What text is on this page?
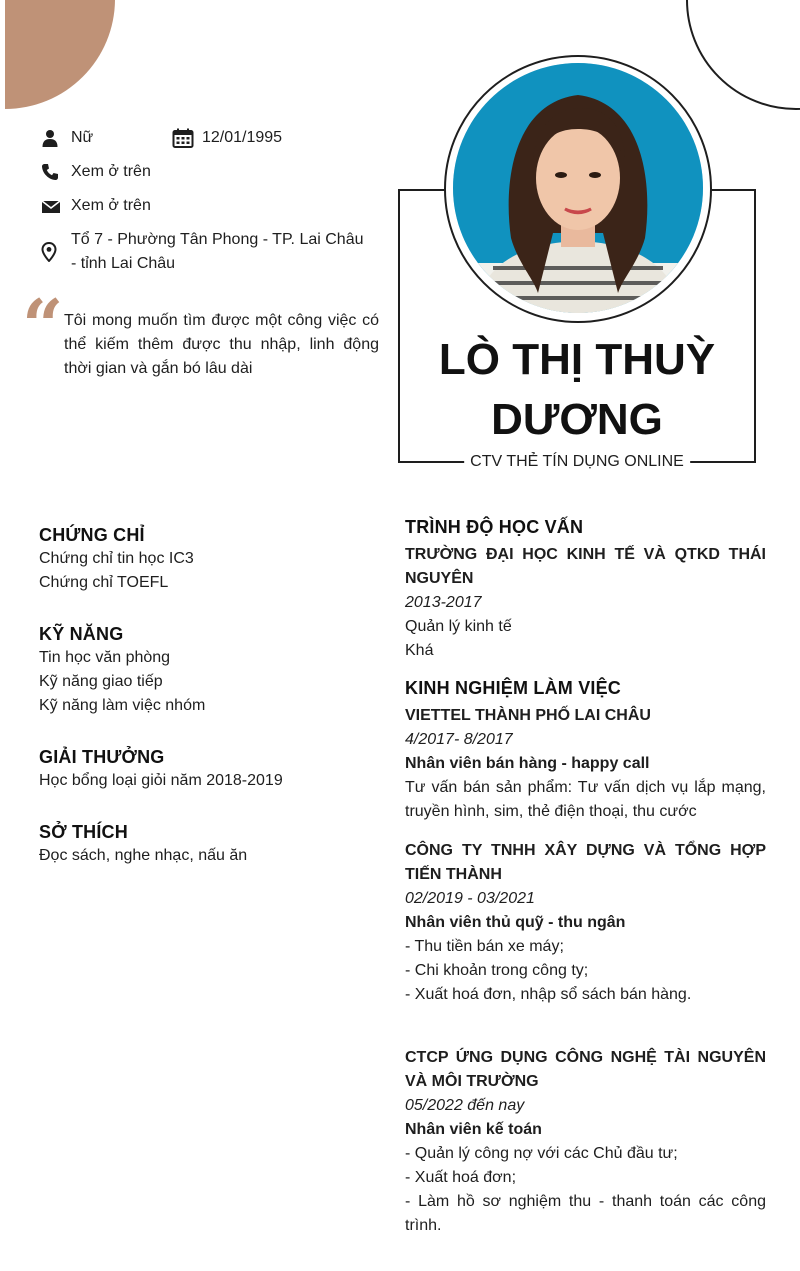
Nữ	12/01/1995
Xem ở trên
Xem ở trên
Tổ 7 - Phường Tân Phong - TP. Lai Châu - tỉnh Lai Châu
“ Tôi mong muốn tìm được một công việc có thể kiếm thêm được thu nhập, linh động thời gian và gắn bó lâu dài	LÒ THỊ THUỲ DƯƠNG
CTV THẺ TÍN DỤNG ONLINE
CHỨNG CHỈ
Chứng chỉ tin học IC3
Chứng chỉ TOEFL
KỸ NĂNG
Tin học văn phòng
Kỹ năng giao tiếp
Kỹ năng làm việc nhóm
GIẢI THƯỞNG
Học bổng loại giỏi năm 2018-2019
SỞ THÍCH
Đọc sách, nghe nhạc, nấu ăn
TRÌNH ĐỘ HỌC VẤN
TRƯỜNG ĐẠI HỌC KINH TẾ VÀ QTKD THÁI NGUYÊN
2013-2017
Quản lý kinh tế
Khá
KINH NGHIỆM LÀM VIỆC
VIETTEL THÀNH PHỐ LAI CHÂU
4/2017- 8/2017
Nhân viên bán hàng - happy call
Tư vấn bán sản phẩm: Tư vấn dịch vụ lắp mạng, truyền hình, sim, thẻ điện thoại, thu cước
CÔNG TY TNHH XÂY DỰNG VÀ TỔNG HỢP TIẾN THÀNH
02/2019 - 03/2021
Nhân viên thủ quỹ - thu ngân
- Thu tiền bán xe máy;
- Chi khoản trong công ty;
- Xuất hoá đơn, nhập sổ sách bán hàng.
CTCP ỨNG DỤNG CÔNG NGHỆ TÀI NGUYÊN VÀ MÔI TRƯỜNG
05/2022 đến nay
Nhân viên kế toán
- Quản lý công nợ với các Chủ đầu tư;
- Xuất hoá đơn;
- Làm hồ sơ nghiệm thu - thanh toán các công trình.
